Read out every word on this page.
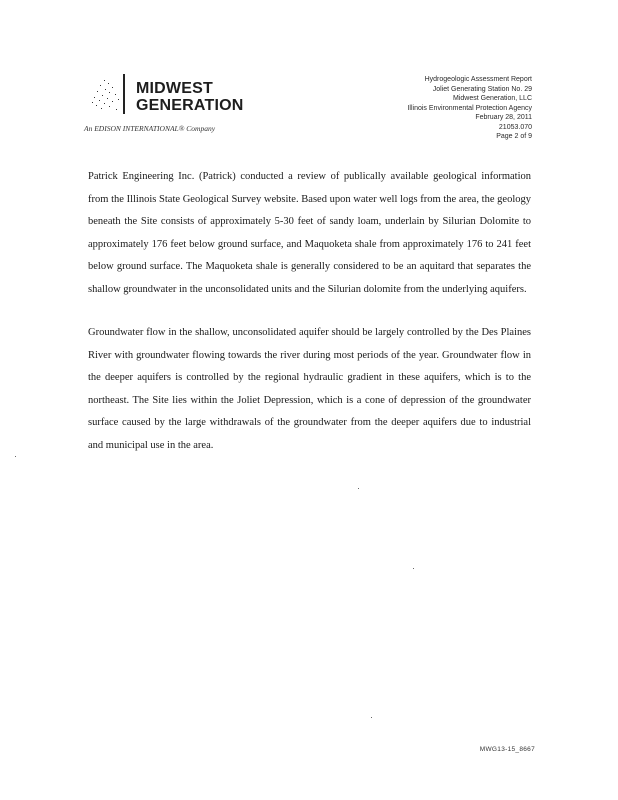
MIDWEST
GENERATION
An EDISON INTERNATIONAL® Company
Hydrogeologic Assessment Report
Joliet Generating Station No. 29
Midwest Generation, LLC
Illinois Environmental Protection Agency
February 28, 2011
21053.070
Page 2 of 9

Patrick Engineering Inc. (Patrick) conducted a review of publically available geological information from the Illinois State Geological Survey website. Based upon water well logs from the area, the geology beneath the Site consists of approximately 5-30 feet of sandy loam, underlain by Silurian Dolomite to approximately 176 feet below ground surface, and Maquoketa shale from approximately 176 to 241 feet below ground surface. The Maquoketa shale is generally considered to be an aquitard that separates the shallow groundwater in the unconsolidated units and the Silurian dolomite from the underlying aquifers.

Groundwater flow in the shallow, unconsolidated aquifer should be largely controlled by the Des Plaines River with groundwater flowing towards the river during most periods of the year. Groundwater flow in the deeper aquifers is controlled by the regional hydraulic gradient in these aquifers, which is to the northeast. The Site lies within the Joliet Depression, which is a cone of depression of the groundwater surface caused by the large withdrawals of the groundwater from the deeper aquifers due to industrial and municipal use in the area.

MWG13-15_8667
